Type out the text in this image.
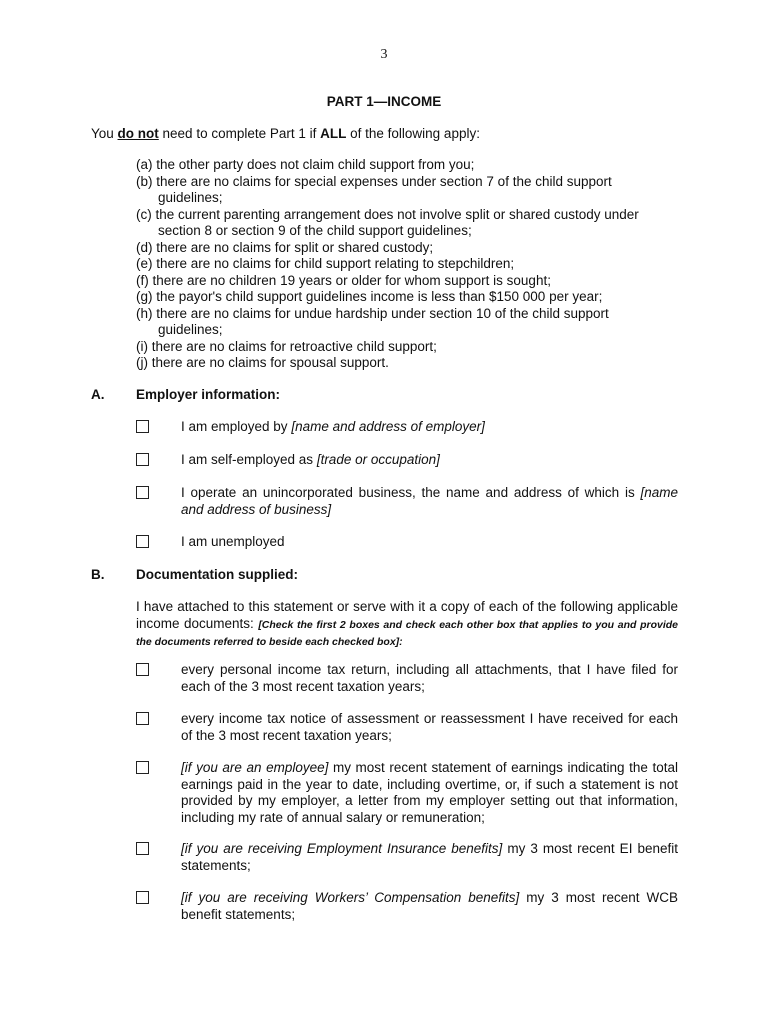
3
PART 1—INCOME
You do not need to complete Part 1 if ALL of the following apply:
(a) the other party does not claim child support from you;
(b) there are no claims for special expenses under section 7 of the child support guidelines;
(c) the current parenting arrangement does not involve split or shared custody under section 8 or section 9 of the child support guidelines;
(d) there are no claims for split or shared custody;
(e) there are no claims for child support relating to stepchildren;
(f) there are no children 19 years or older for whom support is sought;
(g) the payor's child support guidelines income is less than $150 000 per year;
(h) there are no claims for undue hardship under section 10 of the child support guidelines;
(i) there are no claims for retroactive child support;
(j) there are no claims for spousal support.
A. Employer information:
I am employed by [name and address of employer]
I am self-employed as [trade or occupation]
I operate an unincorporated business, the name and address of which is [name and address of business]
I am unemployed
B. Documentation supplied:
I have attached to this statement or serve with it a copy of each of the following applicable income documents: [Check the first 2 boxes and check each other box that applies to you and provide the documents referred to beside each checked box]:
every personal income tax return, including all attachments, that I have filed for each of the 3 most recent taxation years;
every income tax notice of assessment or reassessment I have received for each of the 3 most recent taxation years;
[if you are an employee] my most recent statement of earnings indicating the total earnings paid in the year to date, including overtime, or, if such a statement is not provided by my employer, a letter from my employer setting out that information, including my rate of annual salary or remuneration;
[if you are receiving Employment Insurance benefits] my 3 most recent EI benefit statements;
[if you are receiving Workers’ Compensation benefits] my 3 most recent WCB benefit statements;
